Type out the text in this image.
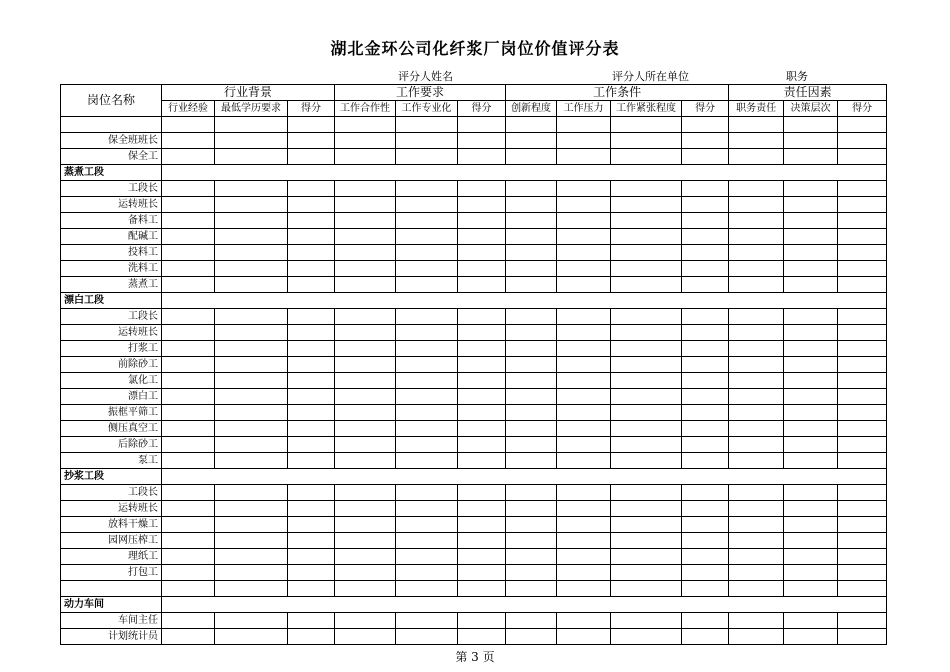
湖北金环公司化纤浆厂岗位价值评分表
评分人姓名	评分人所在单位	职务
岗位名称	行业背景			工作要求			工作条件				责任因素		
	行业经验	最低学历要求	得分	工作合作性	工作专业化	得分	创新程度	工作压力	工作紧张程度	得分	职务责任	决策层次	得分

保全班班长													
保全工													
蒸煮工段													
工段长													
运转班长													
备料工													
配碱工													
投料工													
洗料工													
蒸煮工													
漂白工段													
工段长													
运转班长													
打浆工													
前除砂工													
氯化工													
漂白工													
振框平筛工													
侧压真空工													
后除砂工													
泵工													
抄浆工段													
工段长													
运转班长													
放料干燥工													
园网压榨工													
理纸工													
打包工													

动力车间													
车间主任													
计划统计员													
第 3 页
